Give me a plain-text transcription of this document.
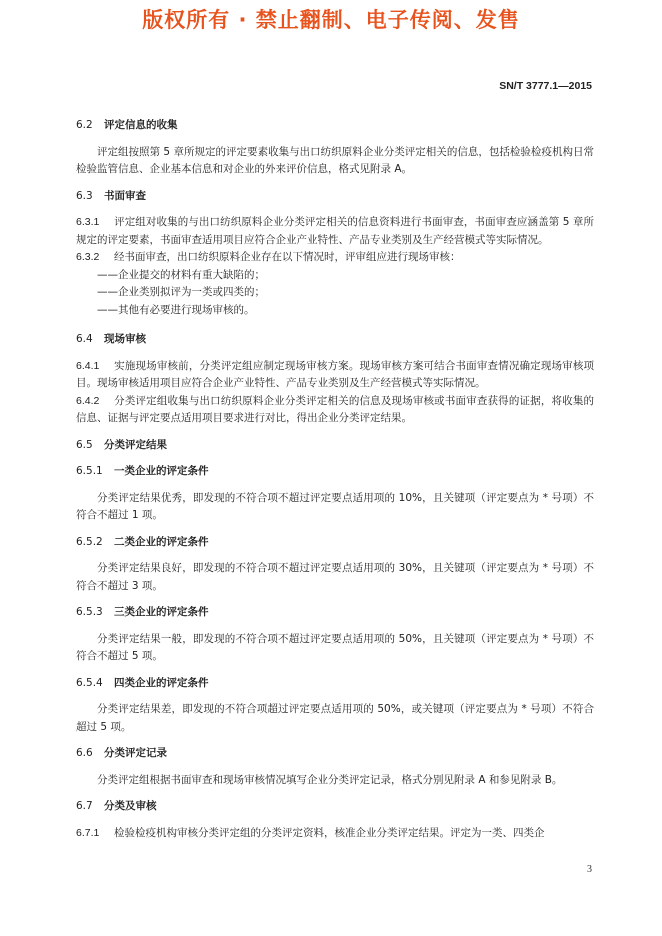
版权所有 · 禁止翻制、电子传阅、发售
SN/T 3777.1—2015

6.2 评定信息的收集

评定组按照第 5 章所规定的评定要素收集与出口纺织原料企业分类评定相关的信息，包括检验检疫机构日常检验监管信息、企业基本信息和对企业的外来评价信息，格式见附录 A。

6.3 书面审查

6.3.1 评定组对收集的与出口纺织原料企业分类评定相关的信息资料进行书面审查，书面审查应涵盖第 5 章所规定的评定要素，书面审查适用项目应符合企业产业特性、产品专业类别及生产经营模式等实际情况。

6.3.2 经书面审查，出口纺织原料企业存在以下情况时，评审组应进行现场审核：

——企业提交的材料有重大缺陷的；

——企业类别拟评为一类或四类的；

——其他有必要进行现场审核的。

6.4 现场审核

6.4.1 实施现场审核前，分类评定组应制定现场审核方案。现场审核方案可结合书面审查情况确定现场审核项目。现场审核适用项目应符合企业产业特性、产品专业类别及生产经营模式等实际情况。

6.4.2 分类评定组收集与出口纺织原料企业分类评定相关的信息及现场审核或书面审查获得的证据，将收集的信息、证据与评定要点适用项目要求进行对比，得出企业分类评定结果。

6.5 分类评定结果

6.5.1 一类企业的评定条件

分类评定结果优秀，即发现的不符合项不超过评定要点适用项的 10%，且关键项（评定要点为 * 号项）不符合不超过 1 项。

6.5.2 二类企业的评定条件

分类评定结果良好，即发现的不符合项不超过评定要点适用项的 30%，且关键项（评定要点为 * 号项）不符合不超过 3 项。

6.5.3 三类企业的评定条件

分类评定结果一般，即发现的不符合项不超过评定要点适用项的 50%，且关键项（评定要点为 * 号项）不符合不超过 5 项。

6.5.4 四类企业的评定条件

分类评定结果差，即发现的不符合项超过评定要点适用项的 50%，或关键项（评定要点为 * 号项）不符合超过 5 项。

6.6 分类评定记录

分类评定组根据书面审查和现场审核情况填写企业分类评定记录，格式分别见附录 A 和参见附录 B。

6.7 分类及审核

6.7.1 检验检疫机构审核分类评定组的分类评定资料，核准企业分类评定结果。评定为一类、四类企

3
